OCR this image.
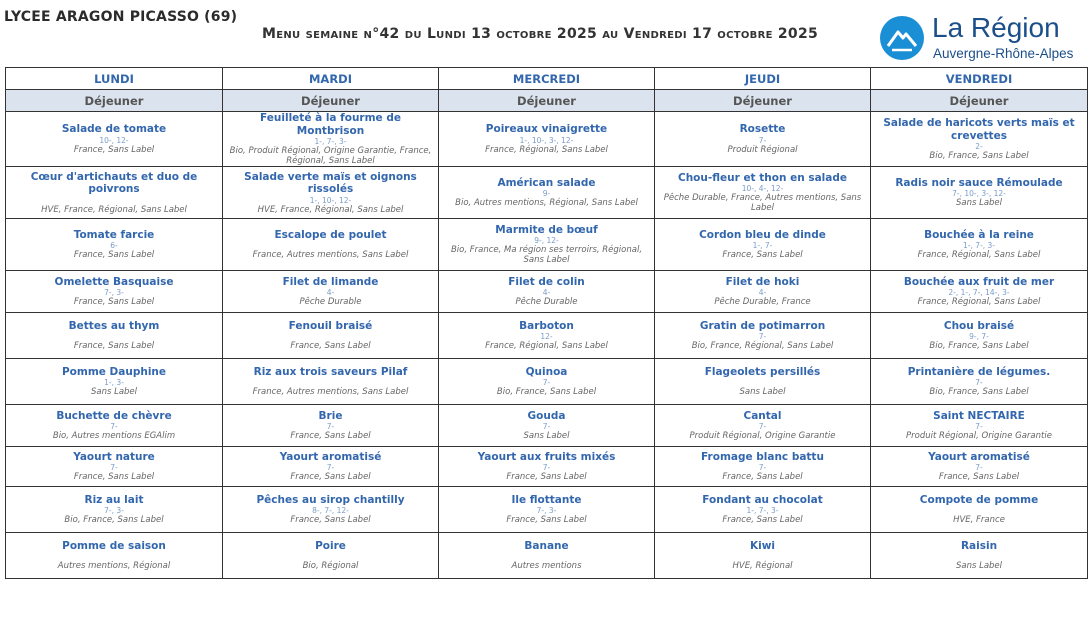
LYCEE ARAGON PICASSO (69)
Menu semaine n°42 du Lundi 13 octobre 2025 au Vendredi 17 octobre 2025	La Région
Auvergne-Rhône-Alpes
LUNDI	MARDI	MERCREDI	JEUDI	VENDREDI
Déjeuner	Déjeuner	Déjeuner	Déjeuner	Déjeuner

Salade de tomate
10-, 12-
France, Sans Label	Feuilleté à la fourme de Montbrison
1-, 7-, 3-
Bio, Produit Régional, Origine Garantie, France, Régional, Sans Label	Poireaux vinaigrette
1-, 10-, 3-, 12-
France, Régional, Sans Label	Rosette
7-
Produit Régional	Salade de haricots verts maïs et crevettes
2-
Bio, France, Sans Label

Cœur d'artichauts et duo de poivrons
HVE, France, Régional, Sans Label	Salade verte maïs et oignons rissolés
1-, 10-, 12-
HVE, France, Régional, Sans Label	Américan salade
9-
Bio, Autres mentions, Régional, Sans Label	Chou-fleur et thon en salade
10-, 4-, 12-
Pêche Durable, France, Autres mentions, Sans Label	Radis noir sauce Rémoulade
7-, 10-, 3-, 12-
Sans Label

Tomate farcie
6-
France, Sans Label	Escalope de poulet
France, Autres mentions, Sans Label	Marmite de bœuf
9-, 12-
Bio, France, Ma région ses terroirs, Régional, Sans Label	Cordon bleu de dinde
1-, 7-
France, Sans Label	Bouchée à la reine
1-, 7-, 3-
France, Régional, Sans Label

Omelette Basquaise
7-, 3-
France, Sans Label	Filet de limande
4-
Pêche Durable	Filet de colin
4-
Pêche Durable	Filet de hoki
4-
Pêche Durable, France	Bouchée aux fruit de mer
2-, 1-, 7-, 14-, 3-
France, Régional, Sans Label

Bettes au thym
France, Sans Label	Fenouil braisé
France, Sans Label	Barboton
12-
France, Régional, Sans Label	Gratin de potimarron
7-
Bio, France, Régional, Sans Label	Chou braisé
9-, 7-
Bio, France, Sans Label

Pomme Dauphine
1-, 3-
Sans Label	Riz aux trois saveurs Pilaf
France, Autres mentions, Sans Label	Quinoa
7-
Bio, France, Sans Label	Flageolets persillés
Sans Label	Printanière de légumes.
7-
Bio, France, Sans Label

Buchette de chèvre
7-
Bio, Autres mentions EGAlim	Brie
7-
France, Sans Label	Gouda
7-
Sans Label	Cantal
7-
Produit Régional, Origine Garantie	Saint NECTAIRE
7-
Produit Régional, Origine Garantie

Yaourt nature
7-
France, Sans Label	Yaourt aromatisé
7-
France, Sans Label	Yaourt aux fruits mixés
7-
France, Sans Label	Fromage blanc battu
7-
France, Sans Label	Yaourt aromatisé
7-
France, Sans Label

Riz au lait
7-, 3-
Bio, France, Sans Label	Pêches au sirop chantilly
8-, 7-, 12-
France, Sans Label	Ile flottante
7-, 3-
France, Sans Label	Fondant au chocolat
1-, 7-, 3-
France, Sans Label	Compote de pomme
HVE, France

Pomme de saison
Autres mentions, Régional	Poire
Bio, Régional	Banane
Autres mentions	Kiwi
HVE, Régional	Raisin
Sans Label
